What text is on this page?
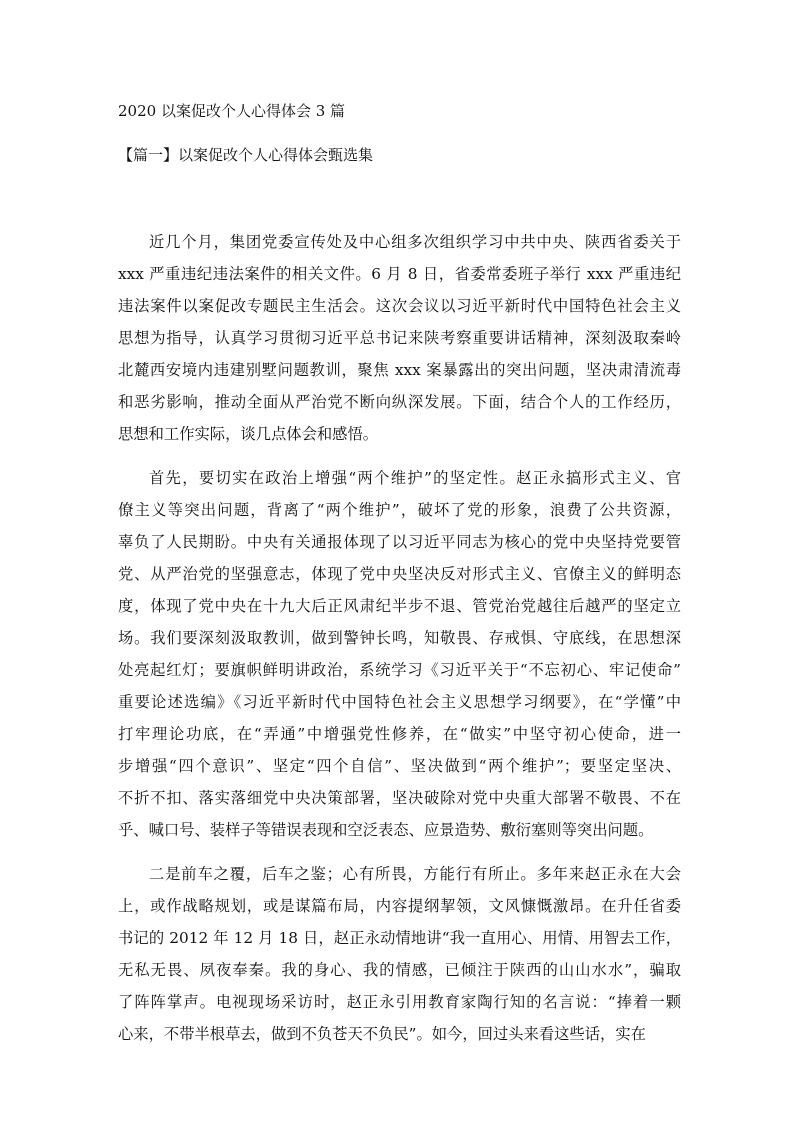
2020 以案促改个人心得体会 3 篇
【篇一】以案促改个人心得体会甄选集
近几个月，集团党委宣传处及中心组多次组织学习中共中央、陕西省委关于
xxx 严重违纪违法案件的相关文件。6 月 8 日，省委常委班子举行 xxx 严重违纪
违法案件以案促改专题民主生活会。这次会议以习近平新时代中国特色社会主义
思想为指导，认真学习贯彻习近平总书记来陕考察重要讲话精神，深刻汲取秦岭
北麓西安境内违建别墅问题教训，聚焦 xxx 案暴露出的突出问题，坚决肃清流毒
和恶劣影响，推动全面从严治党不断向纵深发展。下面，结合个人的工作经历，
思想和工作实际，谈几点体会和感悟。
首先，要切实在政治上增强“两个维护”的坚定性。赵正永搞形式主义、官
僚主义等突出问题，背离了“两个维护”，破坏了党的形象，浪费了公共资源，
辜负了人民期盼。中央有关通报体现了以习近平同志为核心的党中央坚持党要管
党、从严治党的坚强意志，体现了党中央坚决反对形式主义、官僚主义的鲜明态
度，体现了党中央在十九大后正风肃纪半步不退、管党治党越往后越严的坚定立
场。我们要深刻汲取教训，做到警钟长鸣，知敬畏、存戒惧、守底线，在思想深
处亮起红灯；要旗帜鲜明讲政治，系统学习《习近平关于“不忘初心、牢记使命”
重要论述选编》《习近平新时代中国特色社会主义思想学习纲要》，在“学懂”中
打牢理论功底，在“弄通”中增强党性修养，在“做实”中坚守初心使命，进一
步增强“四个意识”、坚定“四个自信”、坚决做到“两个维护”；要坚定坚决、
不折不扣、落实落细党中央决策部署，坚决破除对党中央重大部署不敬畏、不在
乎、喊口号、装样子等错误表现和空泛表态、应景造势、敷衍塞则等突出问题。
二是前车之覆，后车之鉴；心有所畏，方能行有所止。多年来赵正永在大会
上，或作战略规划，或是谋篇布局，内容提纲挈领，文风慷慨激昂。在升任省委
书记的 2012 年 12 月 18 日，赵正永动情地讲“我一直用心、用情、用智去工作，
无私无畏、夙夜奉秦。我的身心、我的情感，已倾注于陕西的山山水水”，骗取
了阵阵掌声。电视现场采访时，赵正永引用教育家陶行知的名言说：“捧着一颗
心来，不带半根草去，做到不负苍天不负民”。如今，回过头来看这些话，实在
